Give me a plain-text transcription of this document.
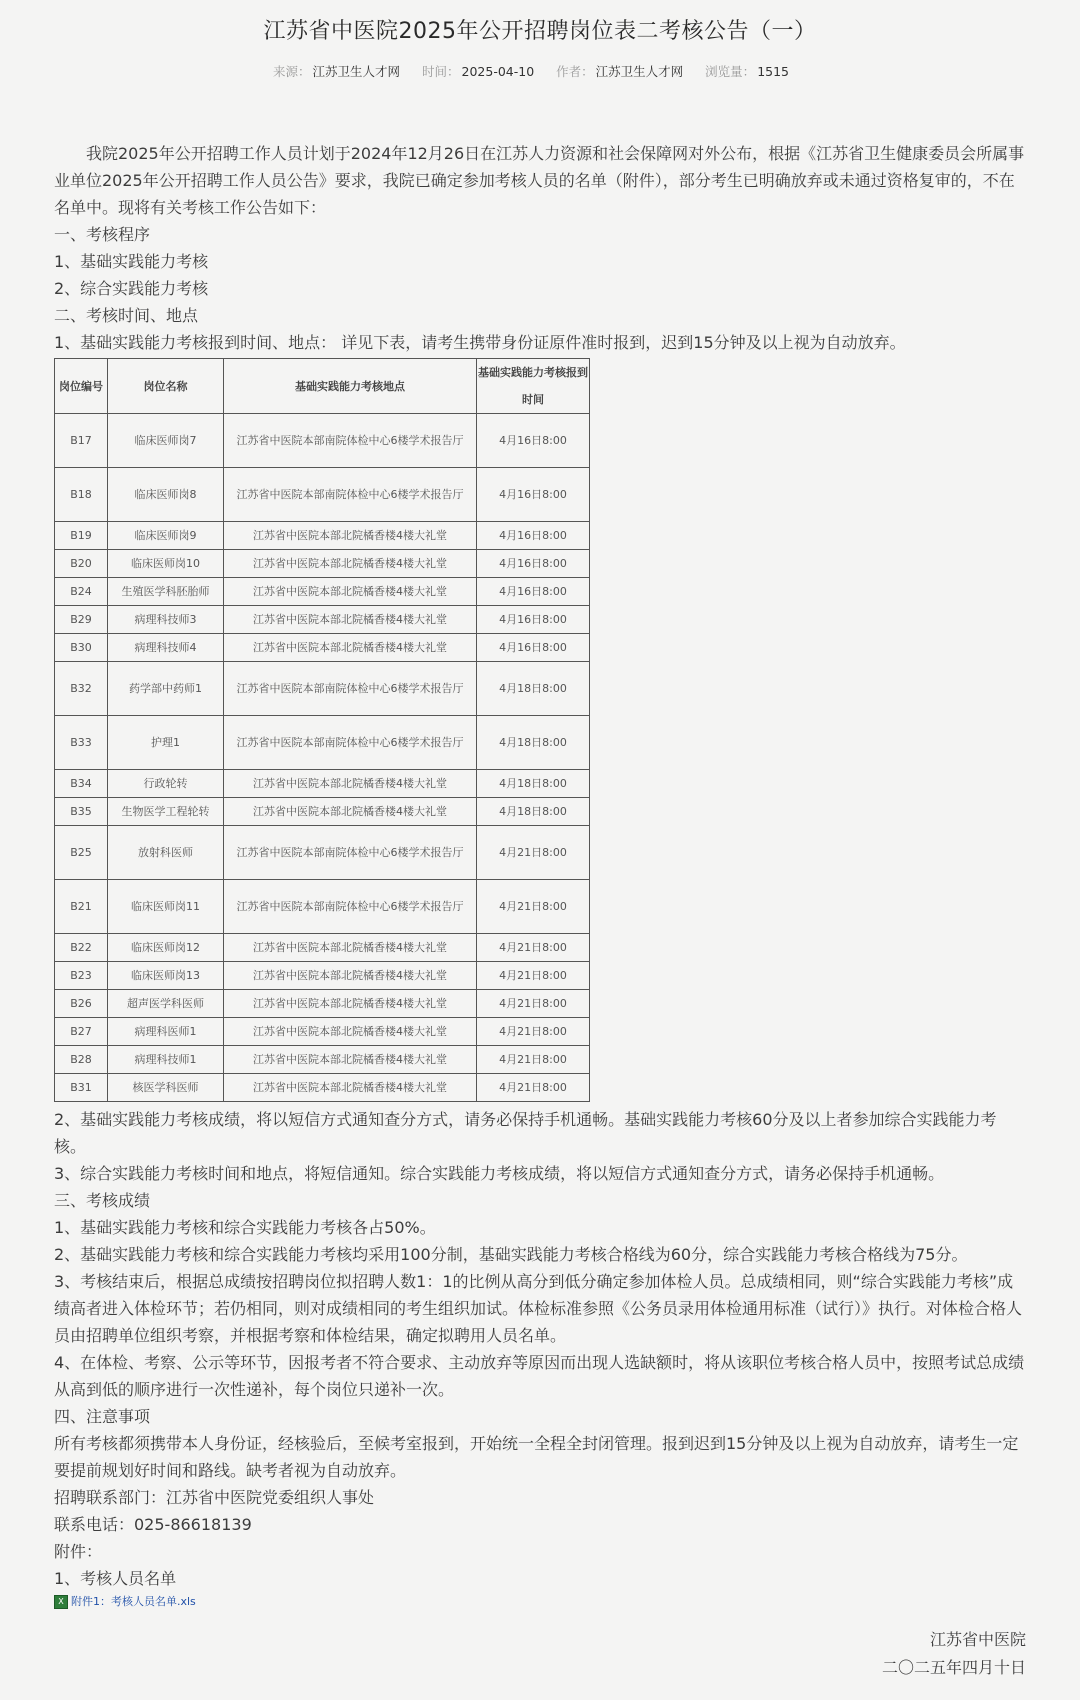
江苏省中医院2025年公开招聘岗位表二考核公告（一）
来源： 江苏卫生人才网 时间： 2025-04-10 作者： 江苏卫生人才网 浏览量： 1515

我院2025年公开招聘工作人员计划于2024年12月26日在江苏人力资源和社会保障网对外公布，根据《江苏省卫生健康委员会所属事业单位2025年公开招聘工作人员公告》要求，我院已确定参加考核人员的名单（附件），部分考生已明确放弃或未通过资格复审的，不在名单中。现将有关考核工作公告如下：

一、考核程序

1、基础实践能力考核

2、综合实践能力考核

二、考核时间、地点

1、基础实践能力考核报到时间、地点： 详见下表，请考生携带身份证原件准时报到，迟到15分钟及以上视为自动放弃。

岗位编号	岗位名称	基础实践能力考核地点	基础实践能力考核报到时间
B17	临床医师岗7	江苏省中医院本部南院体检中心6楼学术报告厅	4月16日8:00
B18	临床医师岗8	江苏省中医院本部南院体检中心6楼学术报告厅	4月16日8:00
B19	临床医师岗9	江苏省中医院本部北院橘香楼4楼大礼堂	4月16日8:00
B20	临床医师岗10	江苏省中医院本部北院橘香楼4楼大礼堂	4月16日8:00
B24	生殖医学科胚胎师	江苏省中医院本部北院橘香楼4楼大礼堂	4月16日8:00
B29	病理科技师3	江苏省中医院本部北院橘香楼4楼大礼堂	4月16日8:00
B30	病理科技师4	江苏省中医院本部北院橘香楼4楼大礼堂	4月16日8:00
B32	药学部中药师1	江苏省中医院本部南院体检中心6楼学术报告厅	4月18日8:00
B33	护理1	江苏省中医院本部南院体检中心6楼学术报告厅	4月18日8:00
B34	行政轮转	江苏省中医院本部北院橘香楼4楼大礼堂	4月18日8:00
B35	生物医学工程轮转	江苏省中医院本部北院橘香楼4楼大礼堂	4月18日8:00
B25	放射科医师	江苏省中医院本部南院体检中心6楼学术报告厅	4月21日8:00
B21	临床医师岗11	江苏省中医院本部南院体检中心6楼学术报告厅	4月21日8:00
B22	临床医师岗12	江苏省中医院本部北院橘香楼4楼大礼堂	4月21日8:00
B23	临床医师岗13	江苏省中医院本部北院橘香楼4楼大礼堂	4月21日8:00
B26	超声医学科医师	江苏省中医院本部北院橘香楼4楼大礼堂	4月21日8:00
B27	病理科医师1	江苏省中医院本部北院橘香楼4楼大礼堂	4月21日8:00
B28	病理科技师1	江苏省中医院本部北院橘香楼4楼大礼堂	4月21日8:00
B31	核医学科医师	江苏省中医院本部北院橘香楼4楼大礼堂	4月21日8:00

2、基础实践能力考核成绩，将以短信方式通知查分方式，请务必保持手机通畅。基础实践能力考核60分及以上者参加综合实践能力考核。

3、综合实践能力考核时间和地点，将短信通知。综合实践能力考核成绩，将以短信方式通知查分方式，请务必保持手机通畅。

三、考核成绩

1、基础实践能力考核和综合实践能力考核各占50%。

2、基础实践能力考核和综合实践能力考核均采用100分制，基础实践能力考核合格线为60分，综合实践能力考核合格线为75分。

3、考核结束后，根据总成绩按招聘岗位拟招聘人数1：1的比例从高分到低分确定参加体检人员。总成绩相同，则“综合实践能力考核”成绩高者进入体检环节；若仍相同，则对成绩相同的考生组织加试。体检标准参照《公务员录用体检通用标准（试行）》执行。对体检合格人员由招聘单位组织考察，并根据考察和体检结果，确定拟聘用人员名单。

4、在体检、考察、公示等环节，因报考者不符合要求、主动放弃等原因而出现人选缺额时，将从该职位考核合格人员中，按照考试总成绩从高到低的顺序进行一次性递补，每个岗位只递补一次。

四、注意事项

所有考核都须携带本人身份证，经核验后，至候考室报到，开始统一全程全封闭管理。报到迟到15分钟及以上视为自动放弃，请考生一定要提前规划好时间和路线。缺考者视为自动放弃。

招聘联系部门：江苏省中医院党委组织人事处

联系电话：025-86618139

附件：

1、考核人员名单

X 附件1：考核人员名单.xls
江苏省中医院
二〇二五年四月十日
